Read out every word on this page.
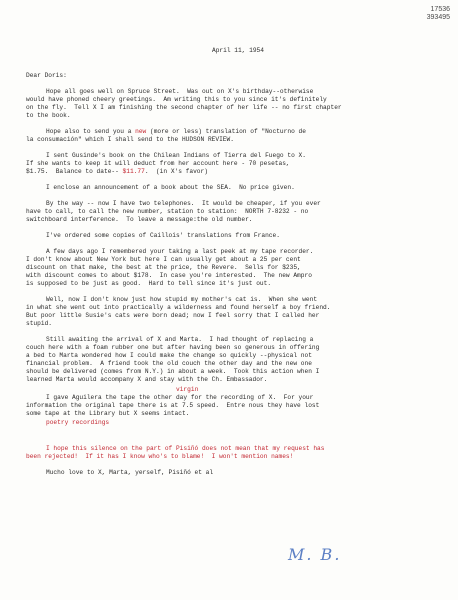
17536
393495
April 11, 1954
Dear Doris:
Hope all goes well on Spruce Street.  Was out on X's birthday--otherwise
would have phoned cheery greetings.  Am writing this to you since it's definitely
on the fly.  Tell X I am finishing the second chapter of her life -- no first chapter
to the book.
Hope also to send you a new (more or less) translation of "Nocturno de
la consumación" which I shall send to the HUDSON REVIEW.
I sent Gusinde's book on the Chilean Indians of Tierra del Fuego to X.
If she wants to keep it will deduct from her account here - 70 pesetas,
$1.75.  Balance to date-- $11.77.  (in X's favor)
I enclose an announcement of a book about the SEA.  No price given.
By the way -- now I have two telephones.  It would be cheaper, if you ever
have to call, to call the new number, station to station:  NORTH 7-8232 - no
switchboard interference.  To leave a message:the old number.
I've ordered some copies of Caillois' translations from France.
A few days ago I remembered your taking a last peek at my tape recorder.
I don't know about New York but here I can usually get about a 25 per cent
discount on that make, the best at the price, the Revere.  Sells for $235,
with discount comes to about $178.  In case you're interested.  The new Ampro
is supposed to be just as good.  Hard to tell since it's just out.
Well, now I don't know just how stupid my mother's cat is.  When she went
in what she went out into practically a wilderness and found herself a boy friend.
But poor little Susie's cats were born dead; now I feel sorry that I called her
stupid.
Still awaiting the arrival of X and Marta.  I had thought of replacing a
couch here with a foam rubber one but after having been so generous in offering
a bed to Marta wondered how I could make the change so quickly --physical not
financial problem.  A friend took the old couch the other day and the new one
should be delivered (comes from N.Y.) in about a week.  Took this action when I
learned Marta would accompany X and stay with the Ch. Embassador.
virgin
I gave Aguilera the tape the other day for the recording of X.  For your
information the original tape there is at 7.5 speed.  Entre nous they have lost
some tape at the Library but X seems intact.
poetry recordings
I hope this silence on the part of Pisiñó does not mean that my request has
been rejected!  If it has I know who's to blame!  I won't mention names!
Mucho love to X, Marta, yerself, Pisiñó et al
M. B.
